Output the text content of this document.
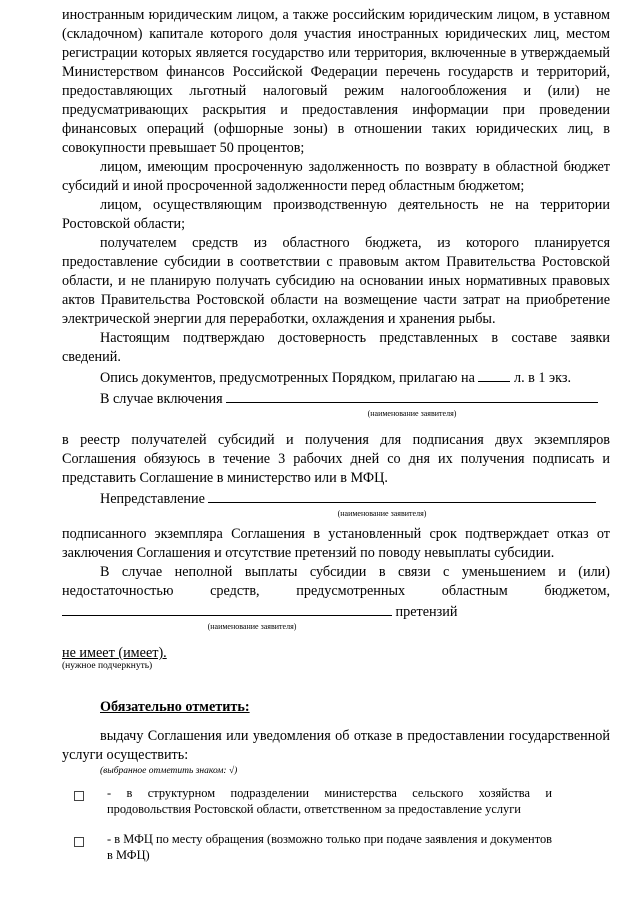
иностранным юридическим лицом, а также российским юридическим лицом, в уставном (складочном) капитале которого доля участия иностранных юридических лиц, местом регистрации которых является государство или территория, включенные в утверждаемый Министерством финансов Российской Федерации перечень государств и территорий, предоставляющих льготный налоговый режим налогообложения и (или) не предусматривающих раскрытия и предоставления информации при проведении финансовых операций (офшорные зоны) в отношении таких юридических лиц, в совокупности превышает 50 процентов;

лицом, имеющим просроченную задолженность по возврату в областной бюджет субсидий и иной просроченной задолженности перед областным бюджетом;

лицом, осуществляющим производственную деятельность не на территории Ростовской области;

получателем средств из областного бюджета, из которого планируется предоставление субсидии в соответствии с правовым актом Правительства Ростовской области, и не планирую получать субсидию на основании иных нормативных правовых актов Правительства Ростовской области на возмещение части затрат на приобретение электрической энергии для переработки, охлаждения и хранения рыбы.

Настоящим подтверждаю достоверность представленных в составе заявки сведений.

Опись документов, предусмотренных Порядком, прилагаю на	л. в 1 экз.

В случае включения

(наименование заявителя)

в реестр получателей субсидий и получения для подписания двух экземпляров Соглашения обязуюсь в течение 3 рабочих дней со дня их получения подписать и представить Соглашение в министерство или в МФЦ.

Непредставление

(наименование заявителя)

подписанного экземпляра Соглашения в установленный срок подтверждает отказ от заключения Соглашения и отсутствие претензий по поводу невыплаты субсидии.

В случае неполной выплаты субсидии в связи с уменьшением и (или) недостаточностью средств, предусмотренных областным бюджетом,

претензий

(наименование заявителя)

не имеет (имеет).

(нужное подчеркнуть)

Обязательно отметить:

выдачу Соглашения или уведомления об отказе в предоставлении государственной услуги осуществить:

(выбранное отметить знаком: √)
- в структурном подразделении министерства сельского хозяйства и продовольствия Ростовской области, ответственном за предоставление услуги
- в МФЦ по месту обращения (возможно только при подаче заявления и документов в МФЦ)
